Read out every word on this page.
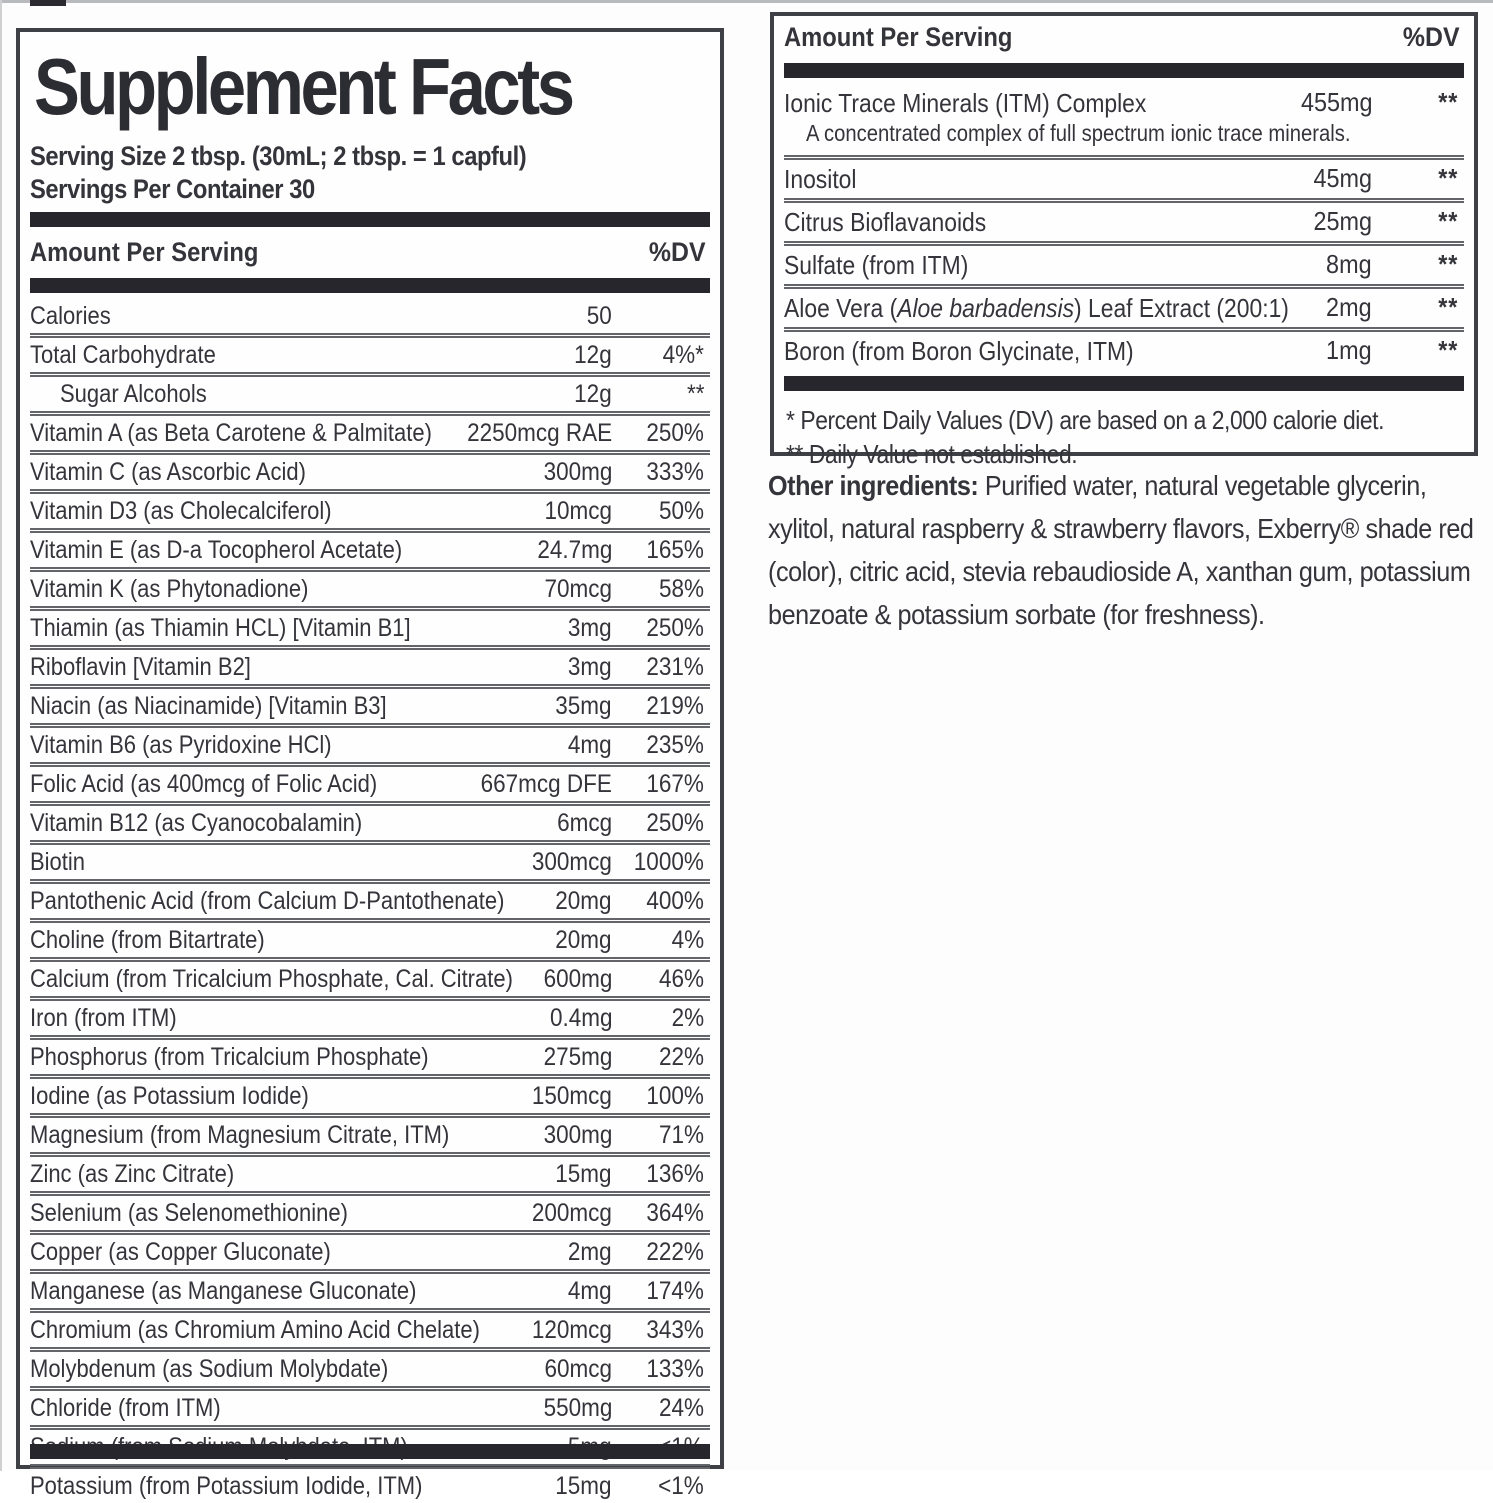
Supplement Facts
Serving Size 2 tbsp. (30mL; 2 tbsp. = 1 capful)
Servings Per Container 30
Amount Per Serving	%DV
Calories	50
Total Carbohydrate	12g 4%*
Sugar Alcohols	12g	**
Vitamin A (as Beta Carotene & Palmitate) 2250mcg RAE 250%
Vitamin C (as Ascorbic Acid)	300mg 333%
Vitamin D3 (as Cholecalciferol)	10mcg 50%
Vitamin E (as D-a Tocopherol Acetate)	24.7mg 165%
Vitamin K (as Phytonadione)	70mcg 58%
Thiamin (as Thiamin HCL) [Vitamin B1]	3mg 250%
Riboflavin [Vitamin B2]	3mg 231%
Niacin (as Niacinamide) [Vitamin B3]	35mg 219%
Vitamin B6 (as Pyridoxine HCl)	4mg 235%
Folic Acid (as 400mcg of Folic Acid)	667mcg DFE 167%
Vitamin B12 (as Cyanocobalamin)	6mcg 250%
Biotin	300mcg 1000%
Pantothenic Acid (from Calcium D-Pantothenate) 20mg 400%
Choline (from Bitartrate)	20mg 4%
Calcium (from Tricalcium Phosphate, Cal. Citrate) 600mg 46%
Iron (from ITM)	0.4mg 2%
Phosphorus (from Tricalcium Phosphate)	275mg 22%
Iodine (as Potassium Iodide)	150mcg 100%
Magnesium (from Magnesium Citrate, ITM)	300mg 71%
Zinc (as Zinc Citrate)	15mg 136%
Selenium (as Selenomethionine)	200mcg 364%
Copper (as Copper Gluconate)	2mg 222%
Manganese (as Manganese Gluconate)	4mg 174%
Chromium (as Chromium Amino Acid Chelate) 120mcg 343%
Molybdenum (as Sodium Molybdate)	60mcg 133%
Chloride (from ITM)	550mg 24%
Potassium (from Potassium Iodide, ITM)	15mg <1%
Amount Per Serving	%DV
Ionic Trace Minerals (ITM) Complex	455mg	**
A concentrated complex of full spectrum ionic trace minerals.
Inositol	45mg	**
Citrus Bioflavanoids	25mg	**
Sulfate (from ITM)	8mg	**
Aloe Vera (Aloe barbadensis) Leaf Extract (200:1) 2mg	**
Boron (from Boron Glycinate, ITM)	1mg	**
* Percent Daily Values (DV) are based on a 2,000 calorie diet.
** Daily Value not established.
Other ingredients: Purified water, natural vegetable glycerin, xylitol, natural raspberry & strawberry flavors, Exberry® shade red (color), citric acid, stevia rebaudioside A, xanthan gum, potassium benzoate & potassium sorbate (for freshness).
